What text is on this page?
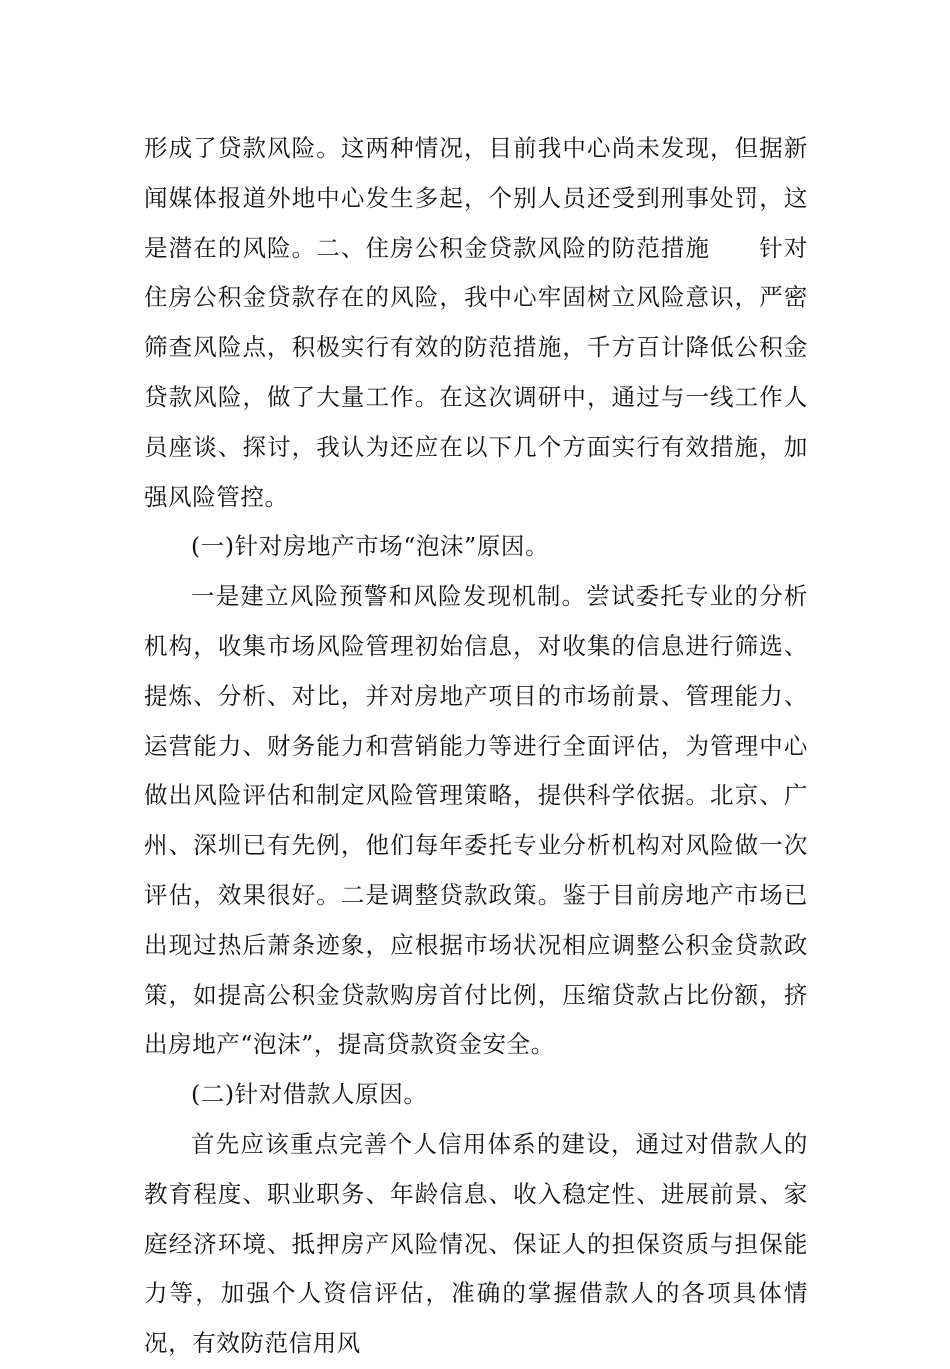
形成了贷款风险。这两种情况，目前我中心尚未发现，但据新闻媒体报道外地中心发生多起，个别人员还受到刑事处罚，这是潜在的风险。二、住房公积金贷款风险的防范措施　　针对住房公积金贷款存在的风险，我中心牢固树立风险意识，严密筛查风险点，积极实行有效的防范措施，千方百计降低公积金贷款风险，做了大量工作。在这次调研中，通过与一线工作人员座谈、探讨，我认为还应在以下几个方面实行有效措施，加强风险管控。

(一)针对房地产市场“泡沫”原因。

一是建立风险预警和风险发现机制。尝试委托专业的分析机构，收集市场风险管理初始信息，对收集的信息进行筛选、提炼、分析、对比，并对房地产项目的市场前景、管理能力、运营能力、财务能力和营销能力等进行全面评估，为管理中心做出风险评估和制定风险管理策略，提供科学依据。北京、广州、深圳已有先例，他们每年委托专业分析机构对风险做一次评估，效果很好。二是调整贷款政策。鉴于目前房地产市场已出现过热后萧条迹象，应根据市场状况相应调整公积金贷款政策，如提高公积金贷款购房首付比例，压缩贷款占比份额，挤出房地产“泡沫”，提高贷款资金安全。

(二)针对借款人原因。

首先应该重点完善个人信用体系的建设，通过对借款人的教育程度、职业职务、年龄信息、收入稳定性、进展前景、家庭经济环境、抵押房产风险情况、保证人的担保资质与担保能力等，加强个人资信评估，准确的掌握借款人的各项具体情况，有效防范信用风
